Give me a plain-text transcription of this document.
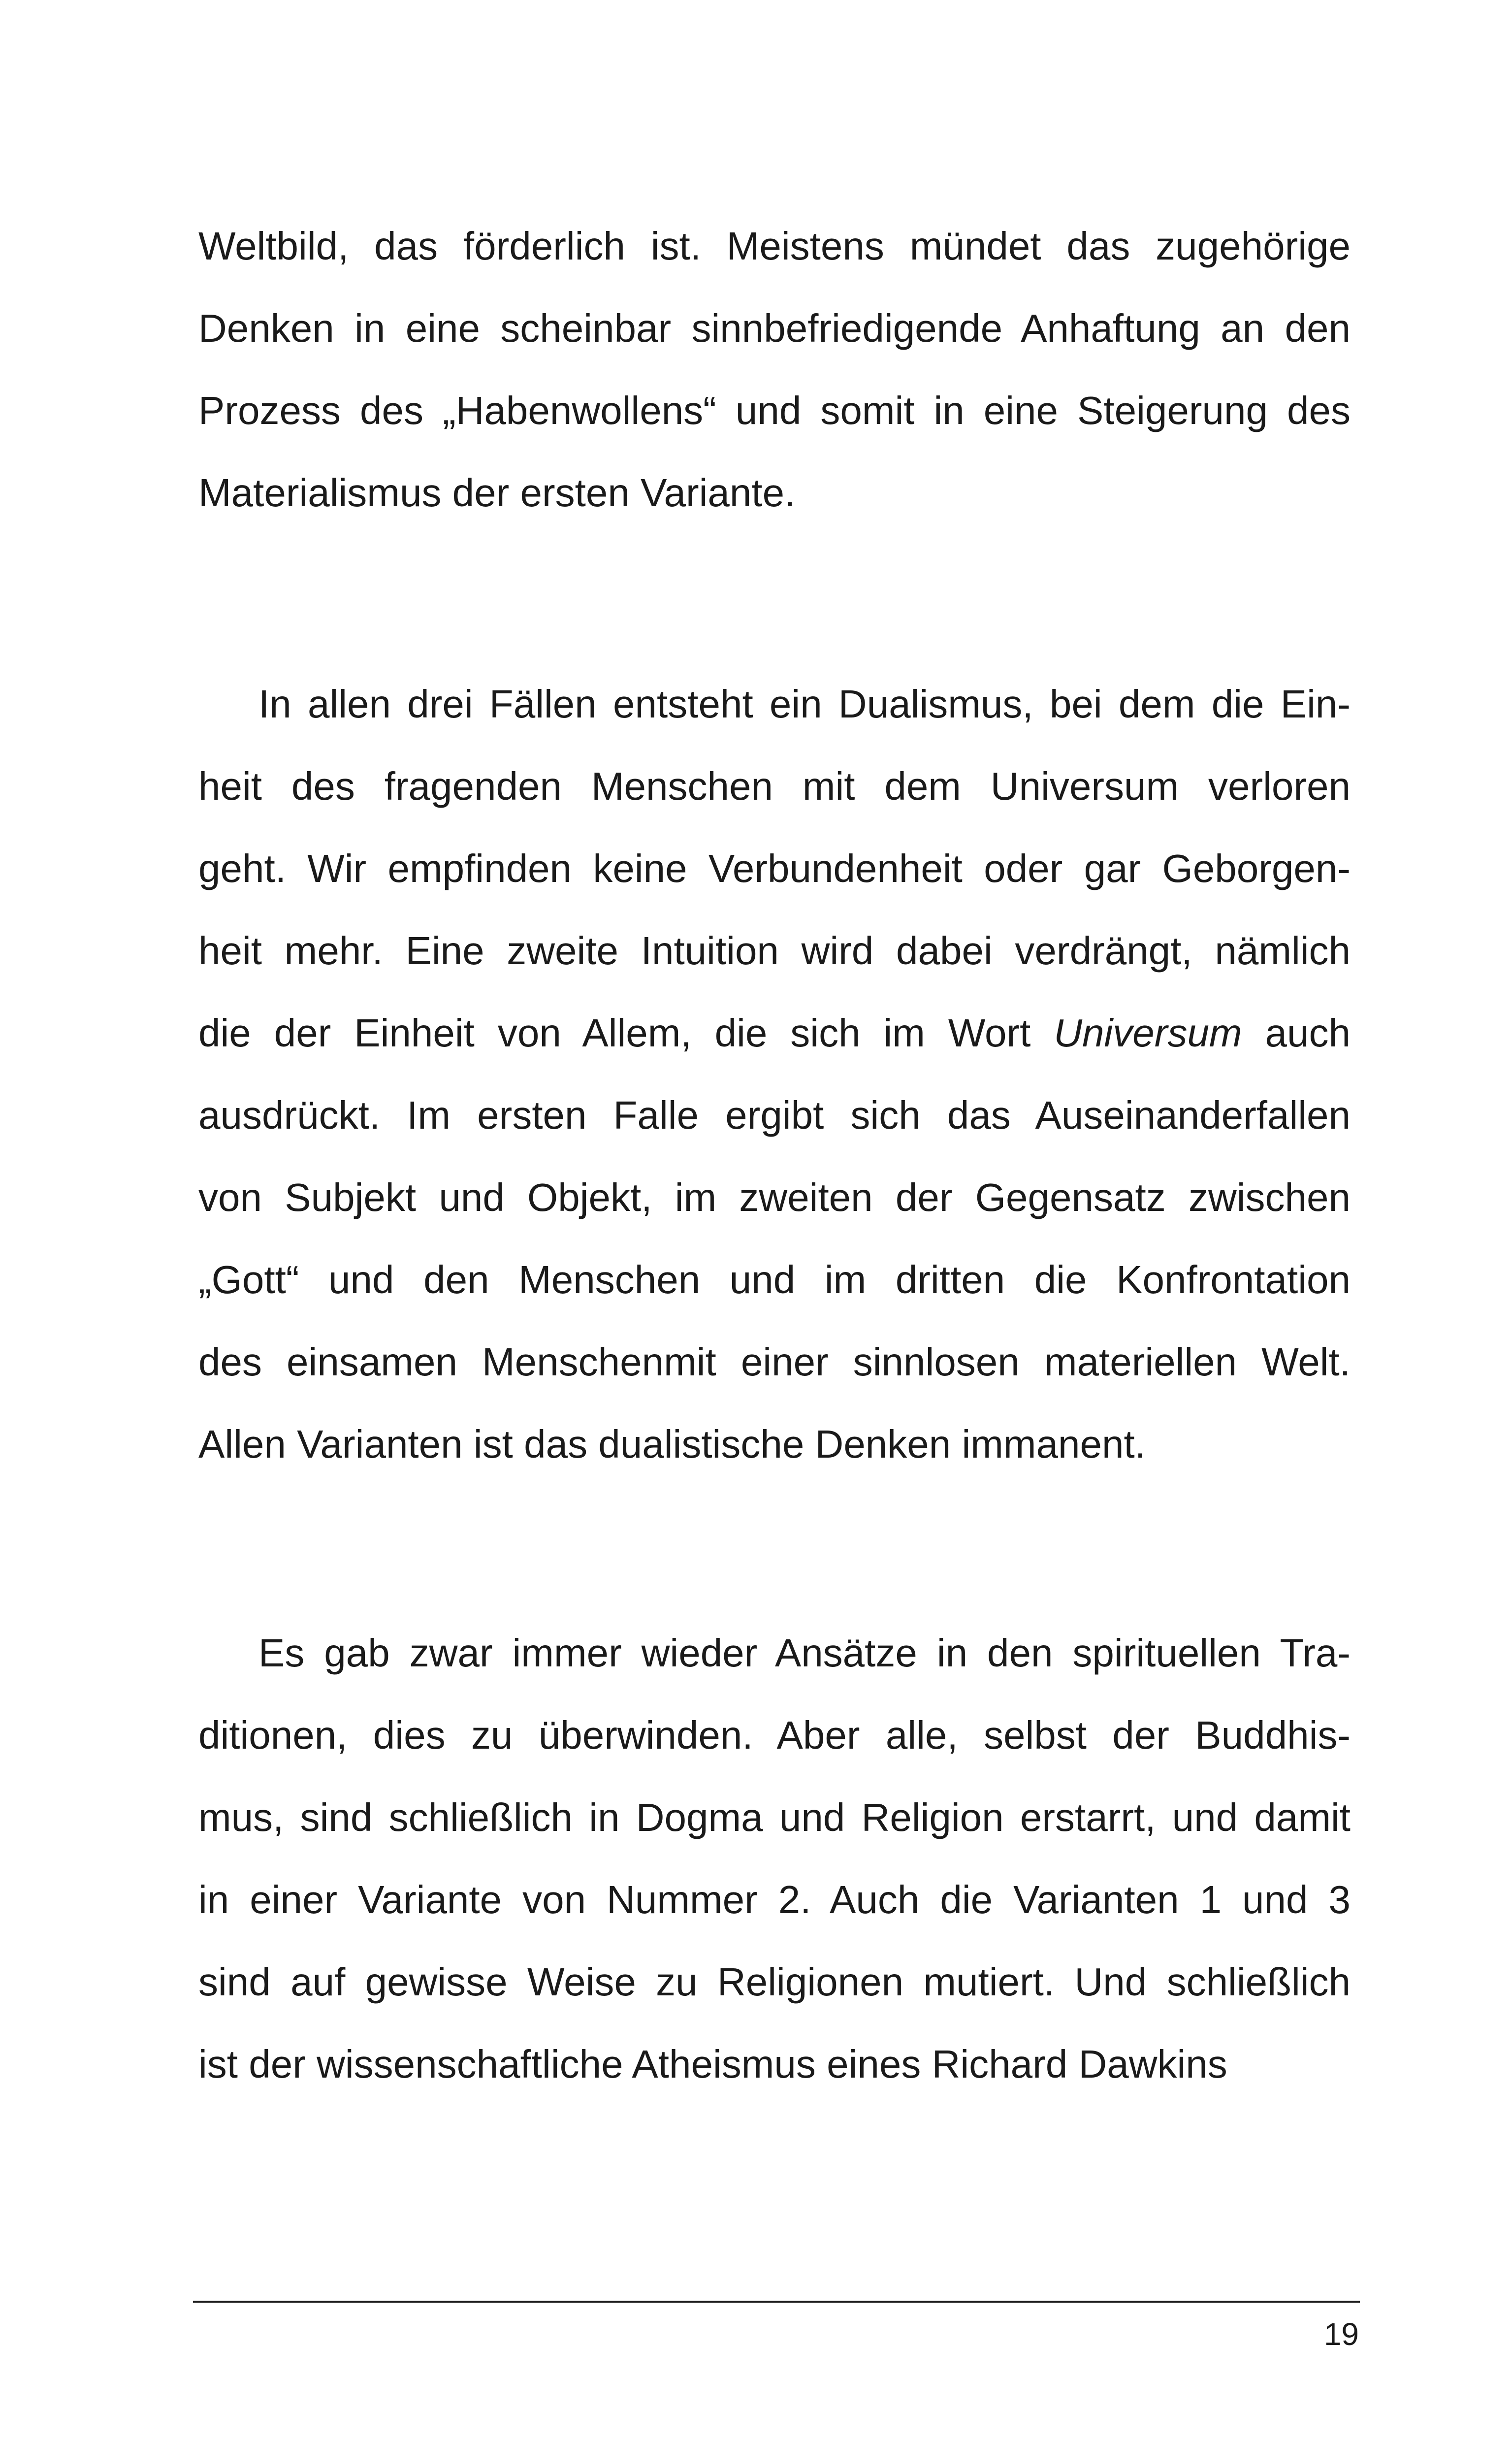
Weltbild, das förderlich ist. Meistens mündet das zugehörige
Denken in eine scheinbar sinnbefriedigende Anhaftung an den
Prozess des „Habenwollens“ und somit in eine Steigerung des
Materialismus der ersten Variante.
In allen drei Fällen entsteht ein Dualismus, bei dem die Ein-
heit des fragenden Menschen mit dem Universum verloren
geht. Wir empfinden keine Verbundenheit oder gar Geborgen-
heit mehr. Eine zweite Intuition wird dabei verdrängt, nämlich
die der Einheit von Allem, die sich im Wort Universum auch
ausdrückt. Im ersten Falle ergibt sich das Auseinanderfallen
von Subjekt und Objekt, im zweiten der Gegensatz zwischen
„Gott“ und den Menschen und im dritten die Konfrontation
des einsamen Menschenmit einer sinnlosen materiellen Welt.
Allen Varianten ist das dualistische Denken immanent.
Es gab zwar immer wieder Ansätze in den spirituellen Tra-
ditionen, dies zu überwinden. Aber alle, selbst der Buddhis-
mus, sind schließlich in Dogma und Religion erstarrt, und damit
in einer Variante von Nummer 2. Auch die Varianten 1 und 3
sind auf gewisse Weise zu Religionen mutiert. Und schließlich
ist der wissenschaftliche Atheismus eines Richard Dawkins
19
